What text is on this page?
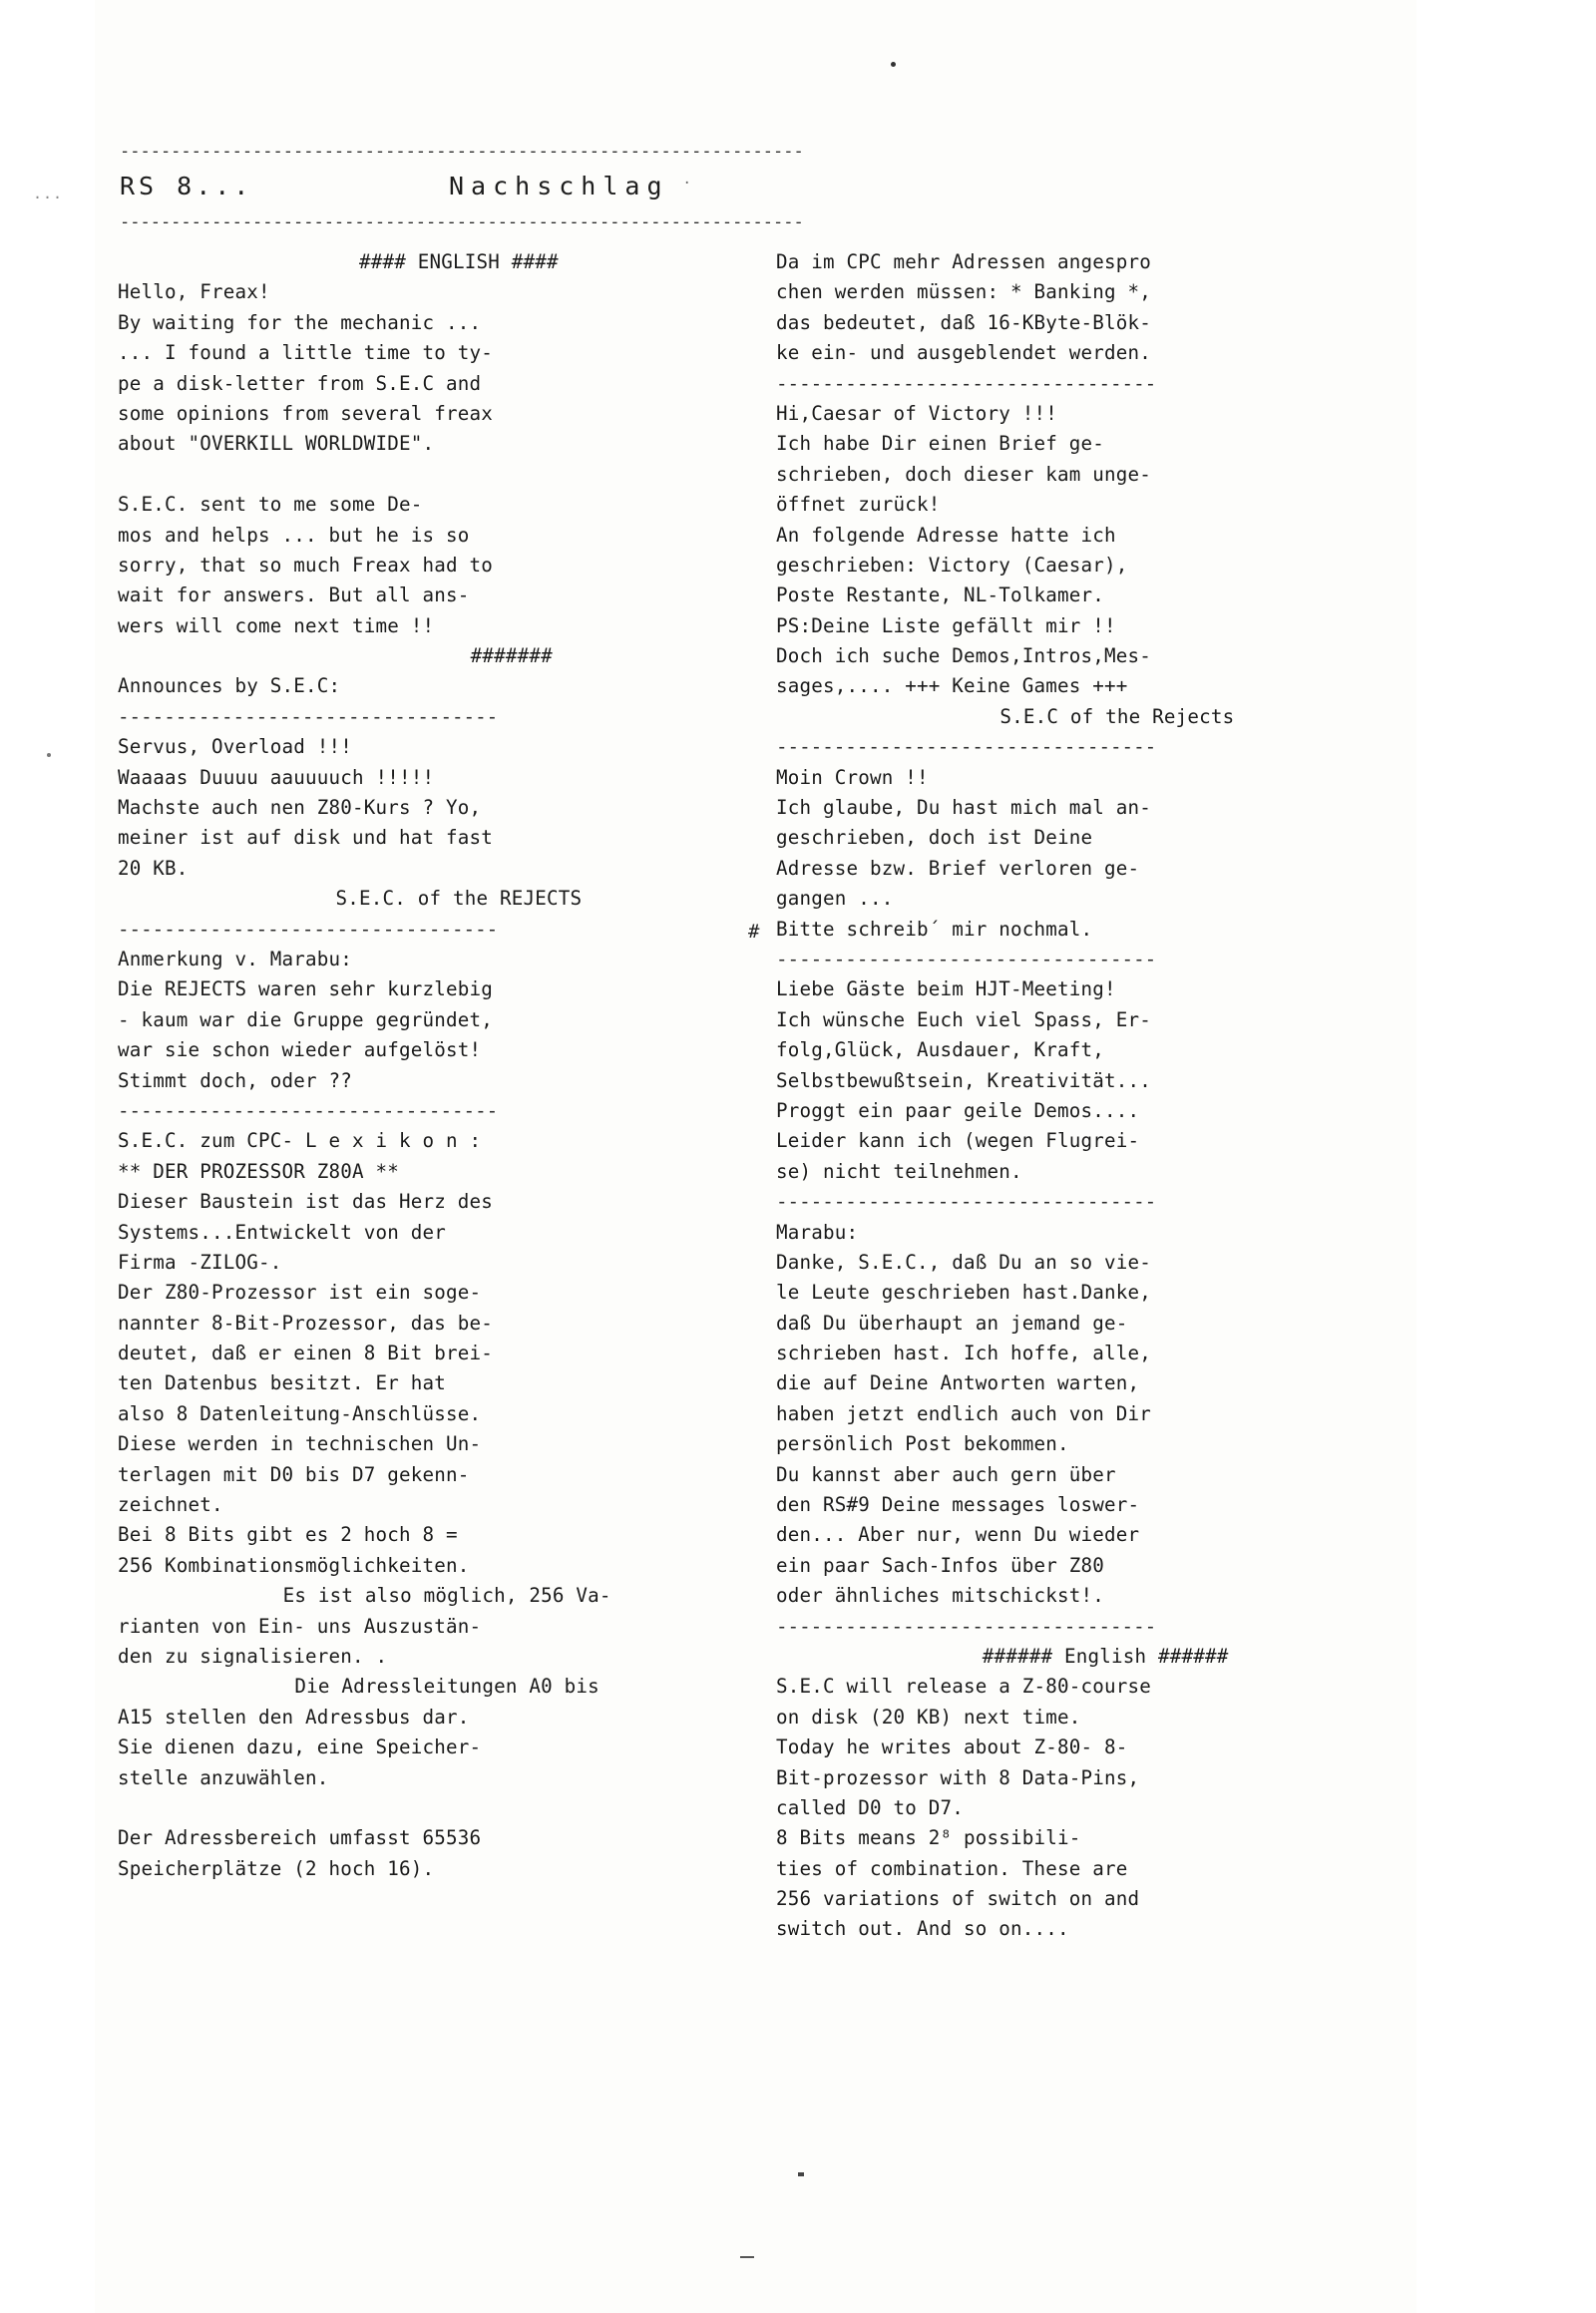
...
#
-------------------------------------------------------------------
RS 8...	Nachschlag .
-------------------------------------------------------------------
#### ENGLISH ####
Hello, Freax!
By waiting for the mechanic ...
... I found a little time to ty-
pe a disk-letter from S.E.C and
some opinions from several freax
about "OVERKILL WORLDWIDE".

S.E.C. sent to me some De-
mos and helps ... but he is so
sorry, that so much Freax had to
wait for answers. But all ans-
wers will come next time !!
#######
Announces by S.E.C:
---------------------------------
Servus, Overload !!!
Waaaas Duuuu aauuuuch !!!!!
Machste auch nen Z80-Kurs ? Yo,
meiner ist auf disk und hat fast
20 KB.
S.E.C. of the REJECTS
---------------------------------
Anmerkung v. Marabu:
Die REJECTS waren sehr kurzlebig
- kaum war die Gruppe gegründet,
war sie schon wieder aufgelöst!
Stimmt doch, oder ??
---------------------------------
S.E.C. zum CPC- L e x i k o n :
** DER PROZESSOR Z80A **
Dieser Baustein ist das Herz des
Systems...Entwickelt von der
Firma -ZILOG-.
Der Z80-Prozessor ist ein soge-
nannter 8-Bit-Prozessor, das be-
deutet, daß er einen 8 Bit brei-
ten Datenbus besitzt. Er hat
also 8 Datenleitung-Anschlüsse.
Diese werden in technischen Un-
terlagen mit D0 bis D7 gekenn-
zeichnet.
Bei 8 Bits gibt es 2 hoch 8 =
256 Kombinationsmöglichkeiten.
Es ist also möglich, 256 Va-
rianten von Ein- uns Auszustän-
den zu signalisieren. .
Die Adressleitungen A0 bis
A15 stellen den Adressbus dar.
Sie dienen dazu, eine Speicher-
stelle anzuwählen.

Der Adressbereich umfasst 65536
Speicherplätze (2 hoch 16).
Da im CPC mehr Adressen angespro
chen werden müssen: * Banking *,
das bedeutet, daß 16-KByte-Blök-
ke ein- und ausgeblendet werden.
---------------------------------
Hi,Caesar of Victory !!!
Ich habe Dir einen Brief ge-
schrieben, doch dieser kam unge-
öffnet zurück!
An folgende Adresse hatte ich
geschrieben: Victory (Caesar),
Poste Restante, NL-Tolkamer.
PS:Deine Liste gefällt mir !!
Doch ich suche Demos,Intros,Mes-
sages,.... +++ Keine Games +++
S.E.C of the Rejects
---------------------------------
Moin Crown !!
Ich glaube, Du hast mich mal an-
geschrieben, doch ist Deine
Adresse bzw. Brief verloren ge-
gangen ...
Bitte schreib´ mir nochmal.
---------------------------------
Liebe Gäste beim HJT-Meeting!
Ich wünsche Euch viel Spass, Er-
folg,Glück, Ausdauer, Kraft,
Selbstbewußtsein, Kreativität...
Proggt ein paar geile Demos....
Leider kann ich (wegen Flugrei-
se) nicht teilnehmen.
---------------------------------
Marabu:
Danke, S.E.C., daß Du an so vie-
le Leute geschrieben hast.Danke,
daß Du überhaupt an jemand ge-
schrieben hast. Ich hoffe, alle,
die auf Deine Antworten warten,
haben jetzt endlich auch von Dir
persönlich Post bekommen.
Du kannst aber auch gern über
den RS#9 Deine messages loswer-
den... Aber nur, wenn Du wieder
ein paar Sach-Infos über Z80
oder ähnliches mitschickst!.
---------------------------------
###### English ######
S.E.C will release a Z-80-course
on disk (20 KB) next time.
Today he writes about Z-80- 8-
Bit-prozessor with 8 Data-Pins,
called D0 to D7.
8 Bits means 2⁸ possibili-
ties of combination. These are
256 variations of switch on and
switch out. And so on....
